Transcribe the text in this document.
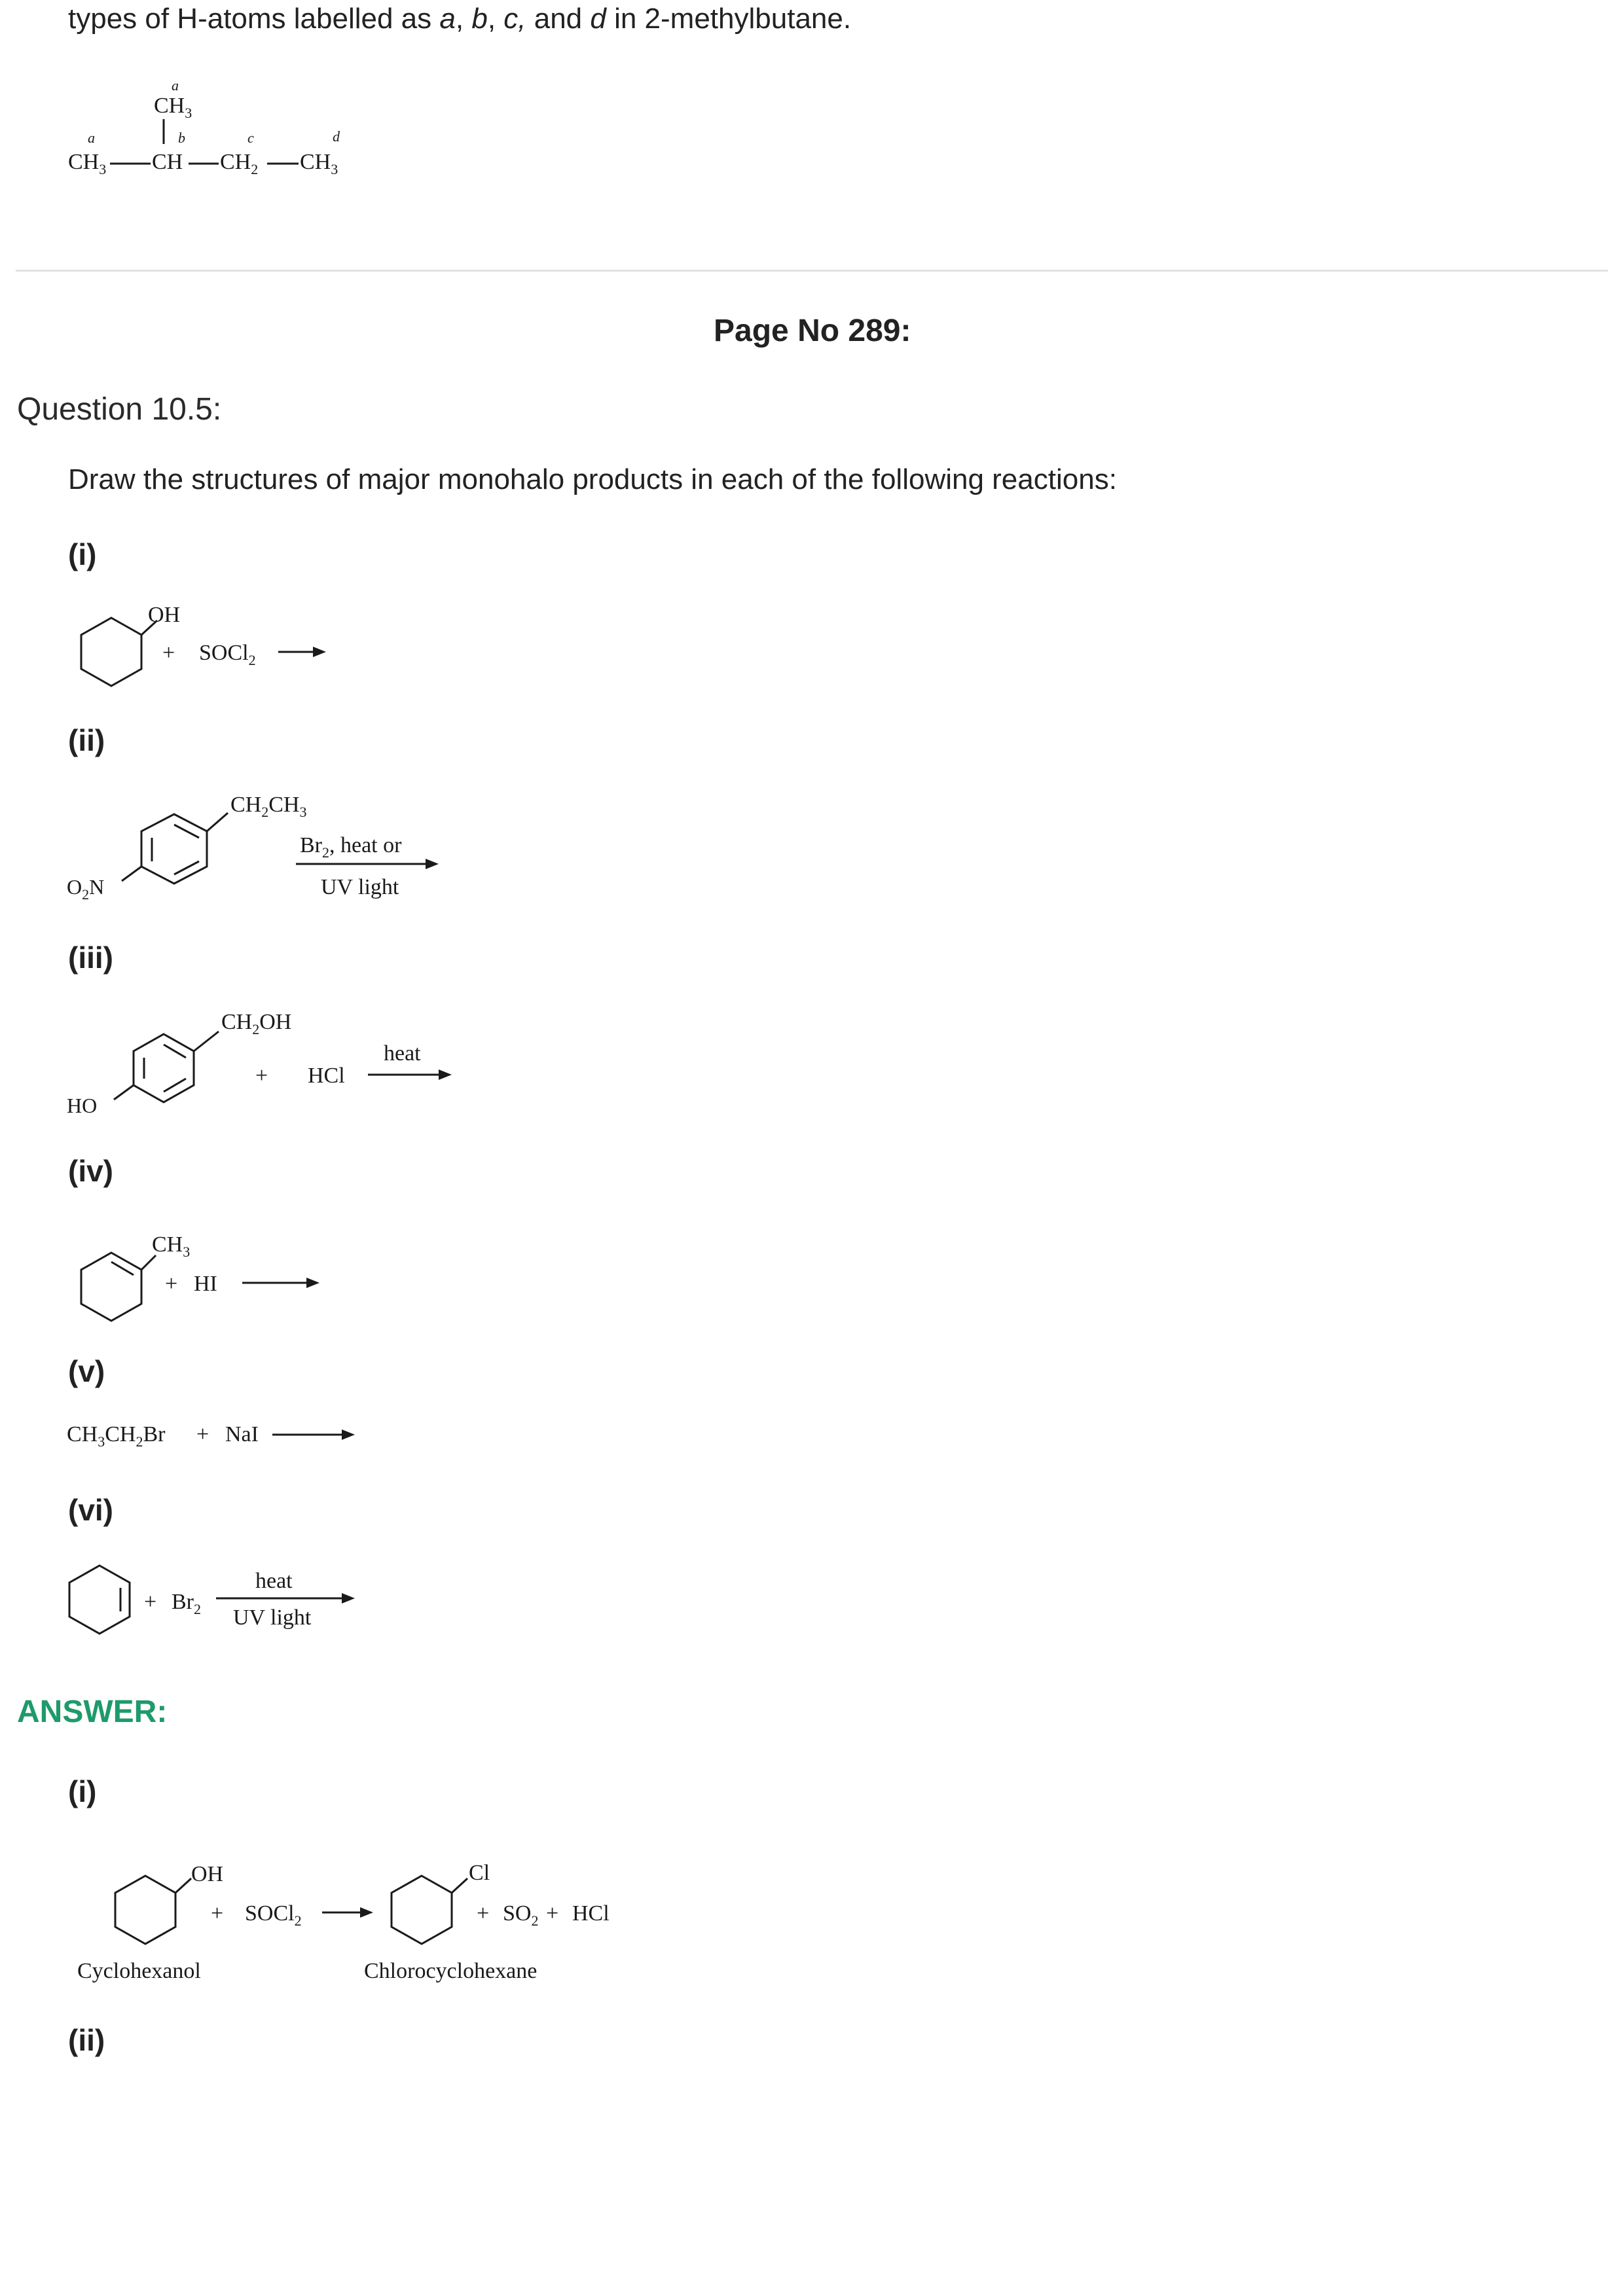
types of H-atoms labelled as a, b, c, and d in 2-methylbutane.
a
$CH_3$
b
a	c	d
$CH_3$ CH $CH_2$ $CH_3$
Page No 289:
Question 10.5:
Draw the structures of major monohalo products in each of the following reactions:
(i)
OH
+ SOCl$_2$
(ii)
$CH_2CH_3$
$O_2N$
$Br_2$, heat or
UV light
(iii)
$CH_2OH$
HO
+ HCl
heat
(iv)
$CH_3$
+ HI
(v)
$CH_3CH_2Br$ + NaI
(vi)
+ $Br_2$
heat
UV light
ANSWER:
(i)
OH
+ SOCl$_2$
Cl
+ $SO_2$ + HCl
Cyclohexanol	Chlorocyclohexane
(ii)
